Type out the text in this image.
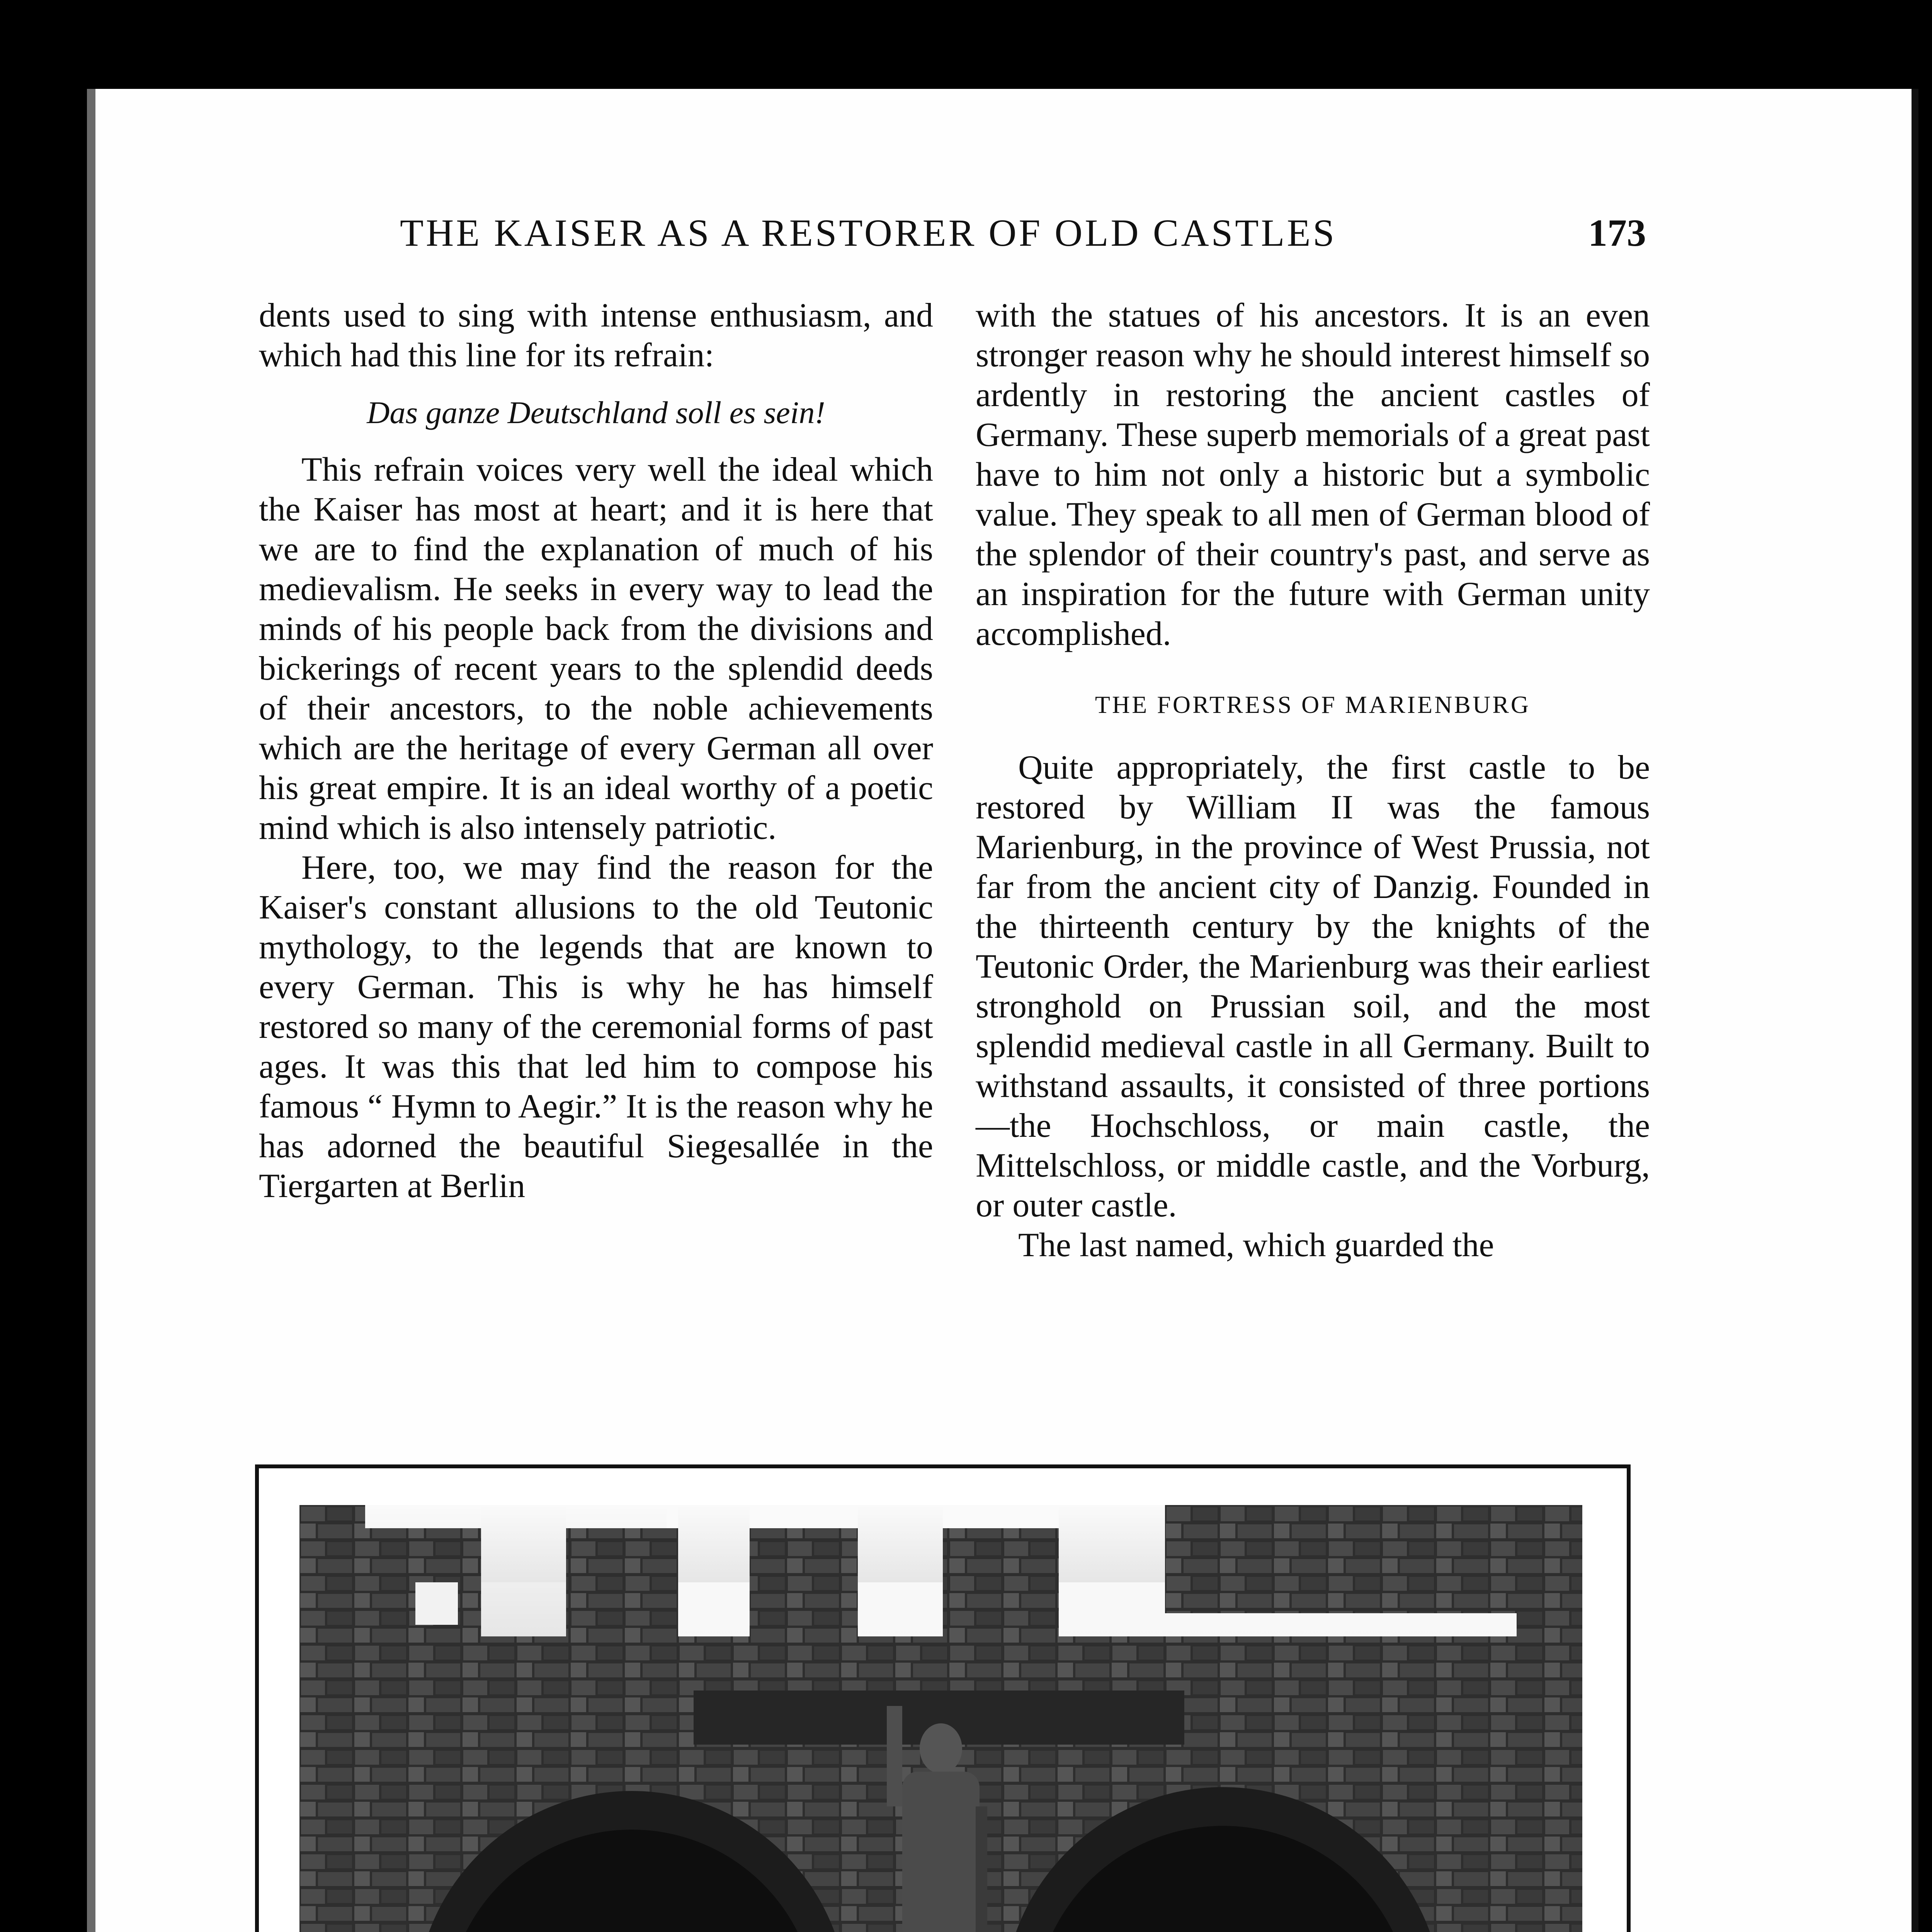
THE KAISER AS A RESTORER OF OLD CASTLES	173

dents used to sing with intense enthusiasm, and which had this line for its refrain:

Das ganze Deutschland soll es sein!

This refrain voices very well the ideal which the Kaiser has most at heart; and it is here that we are to find the explanation of much of his medievalism. He seeks in every way to lead the minds of his people back from the divisions and bickerings of recent years to the splendid deeds of their ancestors, to the noble achievements which are the heritage of every German all over his great empire. It is an ideal worthy of a poetic mind which is also intensely patriotic.

Here, too, we may find the reason for the Kaiser's constant allusions to the old Teutonic mythology, to the legends that are known to every German. This is why he has himself restored so many of the ceremonial forms of past ages. It was this that led him to compose his famous “ Hymn to Aegir.” It is the reason why he has adorned the beautiful Siegesallée in the Tiergarten at Berlin

with the statues of his ancestors. It is an even stronger reason why he should interest himself so ardently in restoring the ancient castles of Germany. These superb memorials of a great past have to him not only a historic but a symbolic value. They speak to all men of German blood of the splendor of their country's past, and serve as an inspiration for the future with German unity accomplished.

THE FORTRESS OF MARIENBURG

Quite appropriately, the first castle to be restored by William II was the famous Marienburg, in the province of West Prussia, not far from the ancient city of Danzig. Founded in the thirteenth century by the knights of the Teutonic Order, the Marienburg was their earliest stronghold on Prussian soil, and the most splendid medieval castle in all Germany. Built to withstand assaults, it consisted of three portions—the Hochschloss, or main castle, the Mittelschloss, or middle castle, and the Vorburg, or outer castle.

The last named, which guarded the
